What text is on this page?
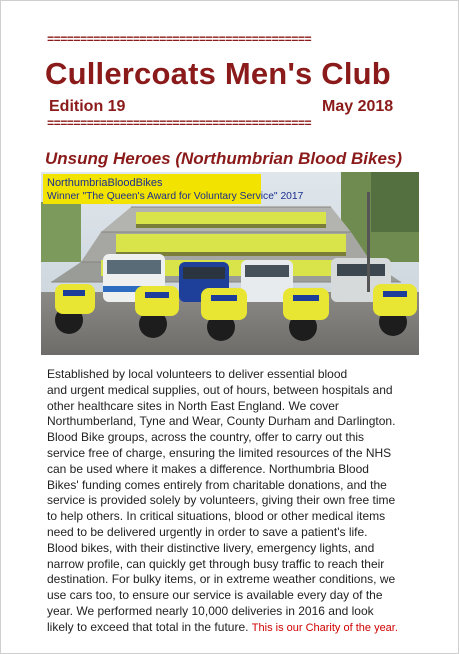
========================================
Cullercoats Men's Club
Edition 19	May 2018
========================================
Unsung Heroes (Northumbrian Blood Bikes)
NorthumbriaBloodBikes
Winner "The Queen's Award for Voluntary Service" 2017
Established by local volunteers to deliver essential blood
and urgent medical supplies, out of hours, between hospitals and
other healthcare sites in North East England. We cover
Northumberland, Tyne and Wear, County Durham and Darlington.
Blood Bike groups, across the country, offer to carry out this
service free of charge, ensuring the limited resources of the NHS
can be used where it makes a difference. Northumbria Blood
Bikes' funding comes entirely from charitable donations, and the
service is provided solely by volunteers, giving their own free time
to help others. In critical situations, blood or other medical items
need to be delivered urgently in order to save a patient's life.
Blood bikes, with their distinctive livery, emergency lights, and
narrow profile, can quickly get through busy traffic to reach their
destination. For bulky items, or in extreme weather conditions, we
use cars too, to ensure our service is available every day of the
year. We performed nearly 10,000 deliveries in 2016 and look
likely to exceed that total in the future. This is our Charity of the year.
